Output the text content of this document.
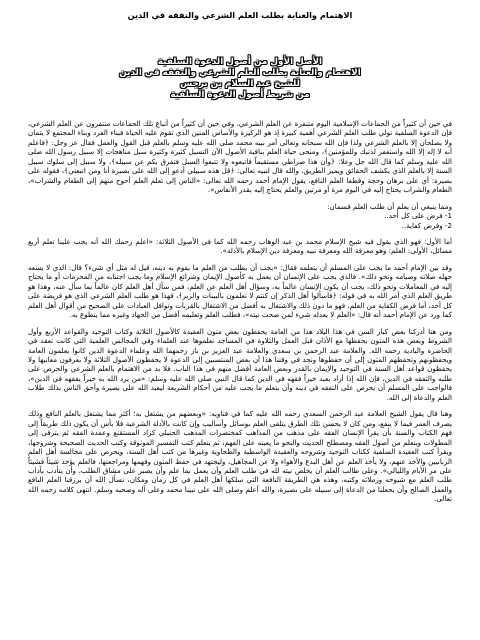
الاهتمام والعناية بطلب العلم الشرعي والتفقه في الدين
الأصل الأول من أصول الدعوة السلفية
الاهتمام والعناية بطلب العلم الشرعي والتفقه في الدين
للشيخ عبد السلام بن برجس
من شريط أصول الدعوة السلفية

في حين أن كثيراً من الجماعات الإسلامية اليوم متنفرة عن العلم الشرعي، وفي حين أن كثيراً من أتباع تلك الجماعات متنفرون عن العلم الشرعي، فإن الدعوة السلفية تولي طلب العلم الشرعي أهمية كبيرة إذ هو الركيزة والأساس المتين الذي تقوم عليه الحياة فبناء الفرد وبناء المجتمع لا يتمان ولا يصلحان إلا بالعلم الشرعي ولذا فإن الله سبحانه وتعالى أمر نبيه محمد صلى الله عليه وسلم بالعلم قبل القول والعمل فقال عز وجل: ﴿فاعلم أنه لا إله إلا الله واستغفر لذنبك وللمؤمنين﴾، ومنحى حياة العلم بنافية الأصول الآن التسيل كثيرة وكثيرة سبل مناهجات إلا سبيل رسول الله صلى الله عليه وسلم كما قال الله جل وعلا: ﴿وأن هذا صراطي مستقيماً فاتبعوه ولا تتبعوا السبل فتفرق بكم عن سبيله﴾، ولا سبيل إلى سلوك سبيل السنة إلا بالعلم الذي يكشف الحقائق ويميز الطريق، والله قال لنبيه تعالى: ﴿قل هذه سبيلي أدعو إلى الله على بصيرة أنا ومن اتبعني﴾، فقوله على بصيرة: أي على برهان وحجة وقطعا العلم النافع، يقول الإمام أحمد رحمه الله تعالى: «الناس إلى تعلم العلم أحوج منهم إلى الطعام والشراب»، الطعام والشراب يحتاج إليه في اليوم مرة أو مرتين والعلم يحتاج إليه بقدر الأنفاس».

ومما ينبغي أن يعلم أن طلب العلم قسمان:

1- فرض على كل أحد..
2- وفرض كفاية..

أما الأول: فهو الذي يقول فيه شيخ الإسلام محمد بن عبد الوهاب رحمه الله كما في الأصول الثلاثة: «اعلم رحمك الله أنه يجب علينا تعلم أربع مسائل، الأولى: العلم: وهو معرفة الله ومعرفة نبيه ومعرفة دين الإسلام بالأدلة».

وقد بين الإمام أحمد ما يجب على المسلم أن يتعلمه فقال: «يجب أن يطلب من العلم ما يقوم به دينه، قيل له مثل أي شيء؟ قال: الذي لا يسعه جهله صلاته وصيامه ونحو ذلك». فالذي يجب على الإنسان أن يعمل به كأصول الإيمان وشرائع الإسلام وما يجب اجتنابه من المحرمات أو ما يحتاج إليه في المعاملات ونحو ذلك، يجب أن يكون الإنسان عالماً به، وسؤال أهل العلم عن العلم، فمن سأل أهل العلم كان عالماً بما سأل عنه، وهذا هو طريق العلم الذي أمر الله به في قوله: ﴿فاسألوا أهل الذكر إن كنتم لا تعلمون بالبينات والزبر﴾، فهذا هو طلب العلم الشرعي الذي هو فريضة على كل أحد، أما فرض الكفاية من العلم، فهو ما دون ذلك والاشتغال به أفضل من الاشتغال بالقربات ونوافل العبادات على الصحيح من أقوال أهل العلم كما ورد عن الإمام أحمد أنه قال: «العلم لا يعدله شيء لمن صحت نيته»، فطلب العلم وتعليمه أفضل من الجهاد وغيره مما يتطوع به.

ومن هنا أدركنا بعض كبار السن في هذا البلاد هذا من العامة يحفظون بعض متون العقيدة كالأصول الثلاثة وكتاب التوحيد والقواعد الأربع وأول الشروط وبعض هذه المتون يحفظها مع الأذان قبل العمل والتلاوة في المساجد تعلموها عند العلماء وفي المجالس العلمية التي كانت تعقد في الحاضرة والبادية رحمه الله. والعلامة عبد الرحمن بن سعدي والعلامة عبد العزيز بن باز رحمهما الله وعلماء الدعوة الذين كانوا يعلمون العامة ويحفظونهم وتحفظهم المتون إلى أن حفظوها ونجد في وقتنا هذا أن بعض المنتسبين إلى الدعوة لا يحفظون الأصول الثلاثة ولا يعرفون معانيها ولا يحفظون قواعد أهل السنة في التوحيد والإيمان بالقدر وبعض العامة أفضل منهم في هذا الباب. فلا بد من الاهتمام بالعلم الشرعي والحرص على طلبه والتفقه في الدين، فإن الله إذا أراد بعبد خيراً فقهه في الدين كما قال النبي صلى الله عليه وسلم: «من يرد الله به خيراً يفقهه في الدين»، فالواجب على المسلم أن يحرص على التفقه في دينه وأن يتعلم ما يجب عليه من أحكام الشريعة ليعبد الله على بصيرة وأحق الناس بذلك طلاب العلم والدعاة إلى الله.

وهنا قال يقول الشيخ العلامة عبد الرحمن السعدي رحمه الله عليه كما في فتاويه: «وبعضهم من يشتغل به؛ أكثر مما يشتغل بالعلم النافع وذلك يصرف العمر فيما لا ينفع، ومن كان لا يحسن تلك الطرق يتلقى العلم بوسائل وأساليب وإن كانت بالأدلة الشرعية فلا بأس أن يكون ذلك طريقاً إلى فهم الكتاب والسنة بأن يقرأ الإنسان الفقه على مذهب من المذاهب كمختصرات المذهب الحنبلي كزاد المستقنع وعمدة الفقه ثم يترقى إلى المطولات ويتعلم من أصول الفقه ومصطلح الحديث والنحو ما يعينه على الفهم، ثم يتعلم كتب التفسير الموثوقة وكتب الحديث الصحيحة وشروحها، ويقرأ كتب العقيدة السلفية ككتاب التوحيد وشروحه والعقيدة الواسطية والطحاوية وغيرها من كتب أهل السنة، ويحرص على مجالسة أهل العلم الربانيين والأخذ عنهم، ولا يأخذ العلم عن أهل البدع والأهواء ولا عن المجاهيل، وليجتهد في حفظ المتون وفهمها ومراجعتها، فالعلم يؤخذ شيئاً فشيئاً على مر الأيام والليالي». وعلى طالب العلم أن يخلص نيته لله في طلب العلم وأن يعمل بما علم وأن يصبر على مشاق الطلب، وأن يتأدب بآداب طلب العلم مع شيوخه وزملائه وكتبه، وهذه هي الطريقة النافعة التي سلكها أهل العلم في كل زمان ومكان، نسأل الله أن يرزقنا العلم النافع والعمل الصالح وأن يجعلنا من الدعاة إلى سبيله على بصيرة، والله أعلم وصلى الله على نبينا محمد وعلى آله وصحبه وسلم. انتهى كلامه رحمه الله تعالى.
